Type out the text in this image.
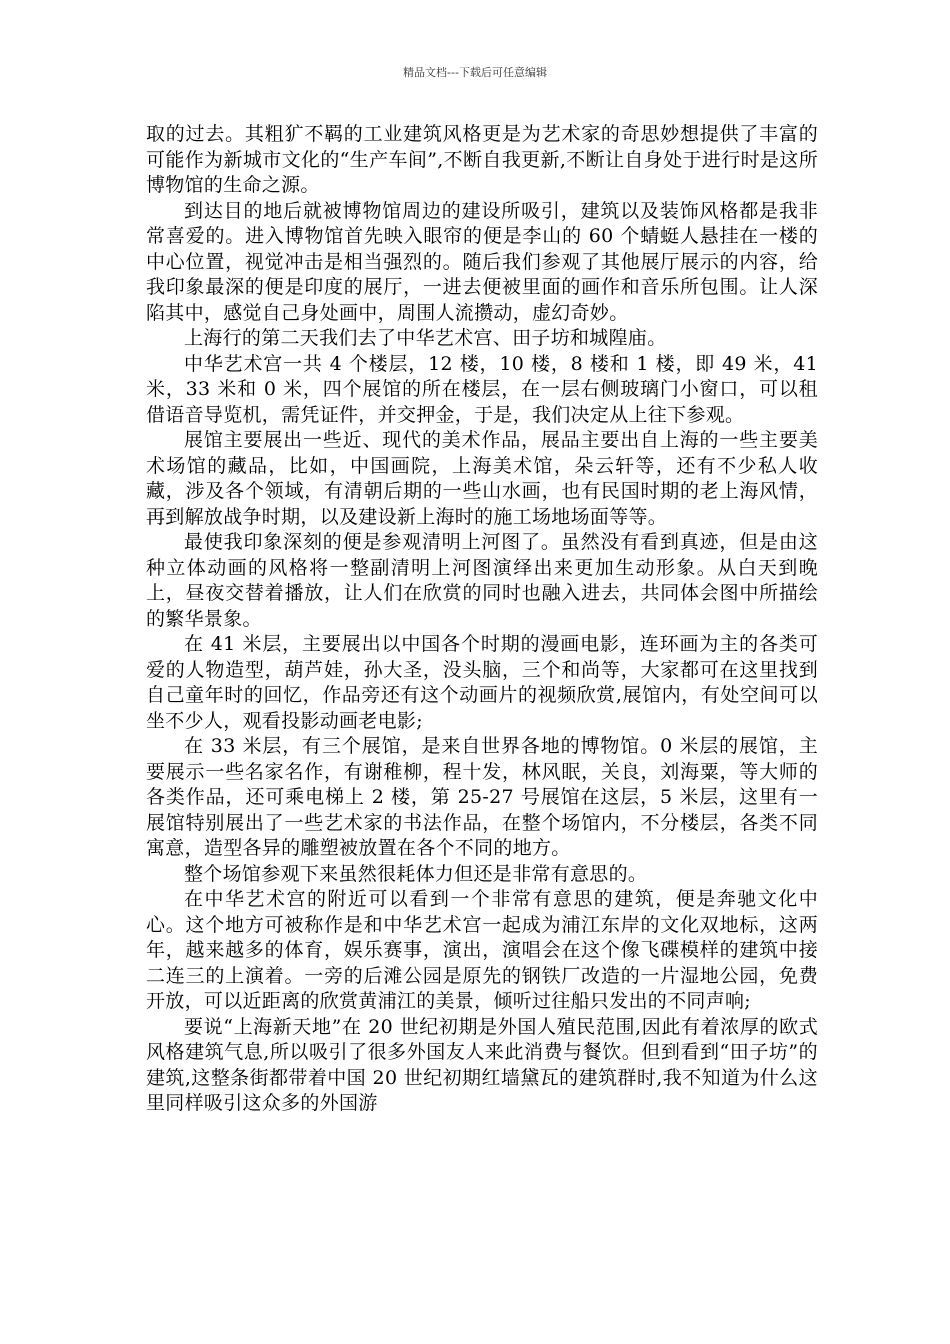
精品文档---下载后可任意编辑

取的过去。其粗犷不羁的工业建筑风格更是为艺术家的奇思妙想提供了丰富的可能作为新城市文化的“生产车间”,不断自我更新,不断让自身处于进行时是这所博物馆的生命之源。

到达目的地后就被博物馆周边的建设所吸引，建筑以及装饰风格都是我非常喜爱的。进入博物馆首先映入眼帘的便是李山的 60 个蜻蜓人悬挂在一楼的中心位置，视觉冲击是相当强烈的。随后我们参观了其他展厅展示的内容，给我印象最深的便是印度的展厅，一进去便被里面的画作和音乐所包围。让人深陷其中，感觉自己身处画中，周围人流攒动，虚幻奇妙。

上海行的第二天我们去了中华艺术宫、田子坊和城隍庙。

中华艺术宫一共 4 个楼层，12 楼，10 楼，8 楼和 1 楼，即 49 米，41 米，33 米和 0 米，四个展馆的所在楼层，在一层右侧玻璃门小窗口，可以租借语音导览机，需凭证件，并交押金，于是，我们决定从上往下参观。

展馆主要展出一些近、现代的美术作品，展品主要出自上海的一些主要美术场馆的藏品，比如，中国画院，上海美术馆，朵云轩等，还有不少私人收藏，涉及各个领域，有清朝后期的一些山水画，也有民国时期的老上海风情，再到解放战争时期，以及建设新上海时的施工场地场面等等。

最使我印象深刻的便是参观清明上河图了。虽然没有看到真迹，但是由这种立体动画的风格将一整副清明上河图演绎出来更加生动形象。从白天到晚上，昼夜交替着播放，让人们在欣赏的同时也融入进去，共同体会图中所描绘的繁华景象。

在 41 米层，主要展出以中国各个时期的漫画电影，连环画为主的各类可爱的人物造型，葫芦娃，孙大圣，没头脑，三个和尚等，大家都可在这里找到自己童年时的回忆，作品旁还有这个动画片的视频欣赏,展馆内，有处空间可以坐不少人，观看投影动画老电影;

在 33 米层，有三个展馆，是来自世界各地的博物馆。0 米层的展馆，主要展示一些名家名作，有谢稚柳，程十发，林风眠，关良，刘海粟，等大师的各类作品，还可乘电梯上 2 楼，第 25-27 号展馆在这层，5 米层，这里有一展馆特别展出了一些艺术家的书法作品，在整个场馆内，不分楼层，各类不同寓意，造型各异的雕塑被放置在各个不同的地方。

整个场馆参观下来虽然很耗体力但还是非常有意思的。

在中华艺术宫的附近可以看到一个非常有意思的建筑，便是奔驰文化中心。这个地方可被称作是和中华艺术宫一起成为浦江东岸的文化双地标，这两年，越来越多的体育，娱乐赛事，演出，演唱会在这个像飞碟模样的建筑中接二连三的上演着。一旁的后滩公园是原先的钢铁厂改造的一片湿地公园，免费开放，可以近距离的欣赏黄浦江的美景，倾听过往船只发出的不同声响;

要说“上海新天地”在 20 世纪初期是外国人殖民范围,因此有着浓厚的欧式风格建筑气息,所以吸引了很多外国友人来此消费与餐饮。但到看到“田子坊”的建筑,这整条街都带着中国 20 世纪初期红墙黛瓦的建筑群时,我不知道为什么这里同样吸引这众多的外国游
